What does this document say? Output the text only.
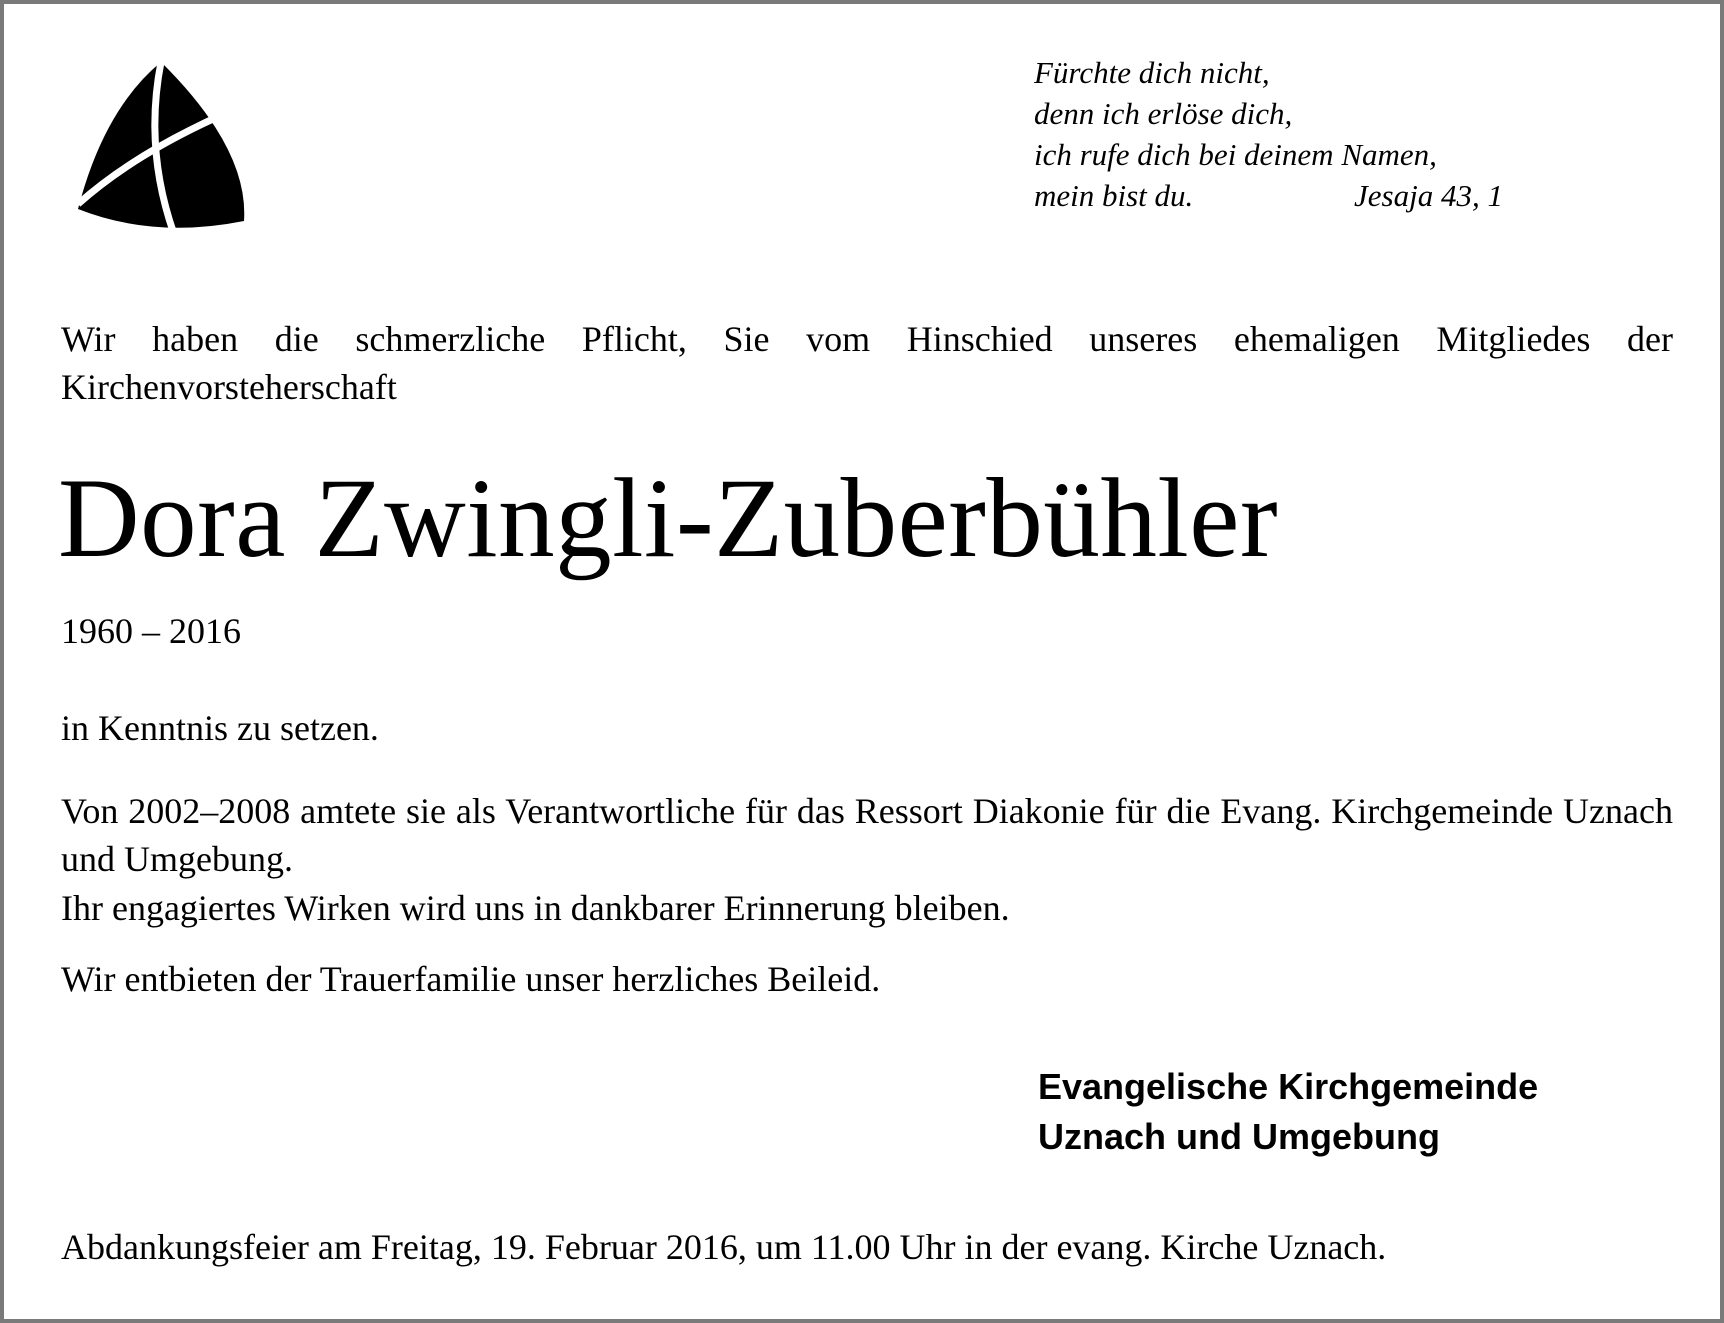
Fürchte dich nicht,
denn ich erlöse dich,
ich rufe dich bei deinem Namen,
mein bist du.	Jesaja 43, 1
Wir haben die schmerzliche Pflicht, Sie vom Hinschied unseres ehemaligen Mitgliedes der Kirchenvorsteherschaft
Dora Zwingli-Zuberbühler
1960 – 2016
in Kenntnis zu setzen.
Von 2002–2008 amtete sie als Verantwortliche für das Ressort Diakonie für die Evang. Kirchgemeinde Uznach und Umgebung.
Ihr engagiertes Wirken wird uns in dankbarer Erinnerung bleiben.
Wir entbieten der Trauerfamilie unser herzliches Beileid.
Evangelische Kirchgemeinde
Uznach und Umgebung
Abdankungsfeier am Freitag, 19. Februar 2016, um 11.00 Uhr in der evang. Kirche Uznach.
